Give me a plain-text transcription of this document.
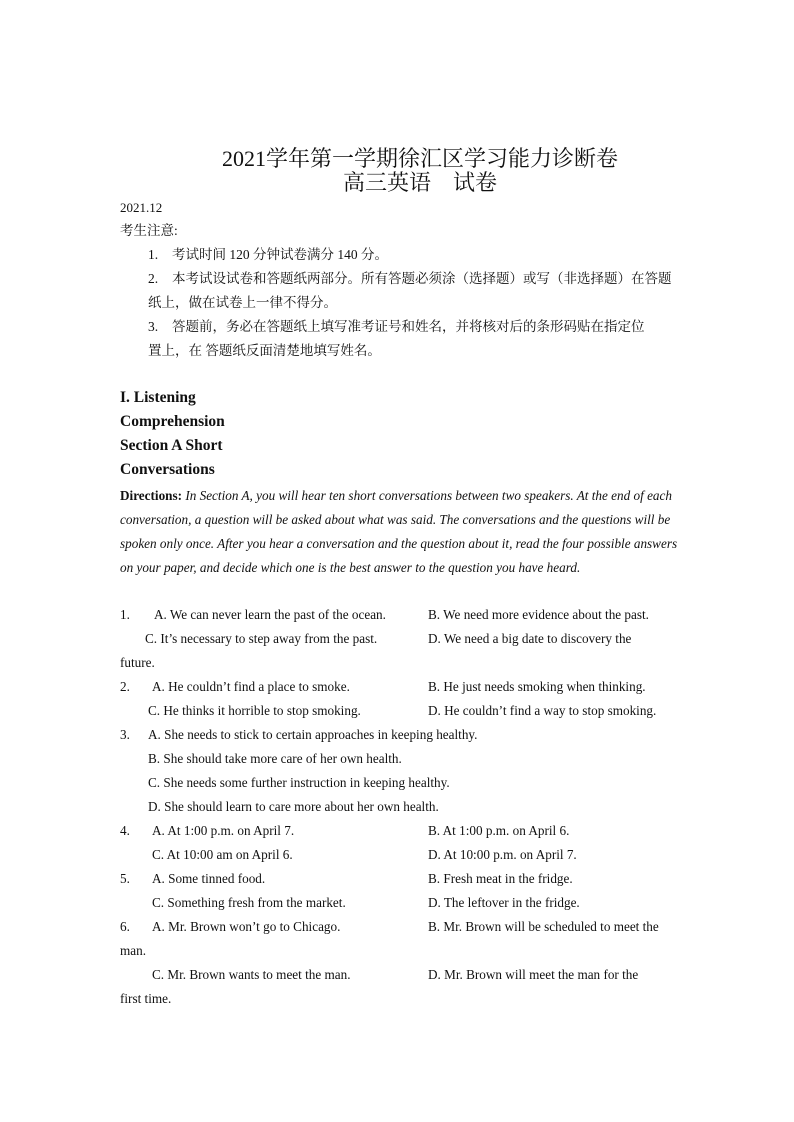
2021学年第一学期徐汇区学习能力诊断卷
高三英语　试卷
2021.12
考生注意:
1. 考试时间 120 分钟试卷满分 140 分。
2. 本考试设试卷和答题纸两部分。所有答题必须涂（选择题）或写（非选择题）在答题
纸上，做在试卷上一律不得分。
3. 答题前，务必在答题纸上填写准考证号和姓名，并将核对后的条形码贴在指定位
置上，在 答题纸反面清楚地填写姓名。
I. Listening
Comprehension
Section A Short
Conversations
Directions: In Section A, you will hear ten short conversations between two speakers. At the end of each conversation, a question will be asked about what was said. The conversations and the questions will be spoken only once. After you hear a conversation and the question about it, read the four possible answers on your paper, and decide which one is the best answer to the question you have heard.
1. A. We can never learn the past of the ocean.	B. We need more evidence about the past.
C. It’s necessary to step away from the past.	D. We need a big date to discovery the
future.
2. A. He couldn’t find a place to smoke.	B. He just needs smoking when thinking.
C. He thinks it horrible to stop smoking.	D. He couldn’t find a way to stop smoking.
3. A. She needs to stick to certain approaches in keeping healthy.
B. She should take more care of her own health.
C. She needs some further instruction in keeping healthy.
D. She should learn to care more about her own health.
4. A. At 1:00 p.m. on April 7.	B. At 1:00 p.m. on April 6.
C. At 10:00 am on April 6.	D. At 10:00 p.m. on April 7.
5. A. Some tinned food.	B. Fresh meat in the fridge.
C. Something fresh from the market.	D. The leftover in the fridge.
6. A. Mr. Brown won’t go to Chicago.	B. Mr. Brown will be scheduled to meet the
man.
C. Mr. Brown wants to meet the man.	D. Mr. Brown will meet the man for the
first time.
